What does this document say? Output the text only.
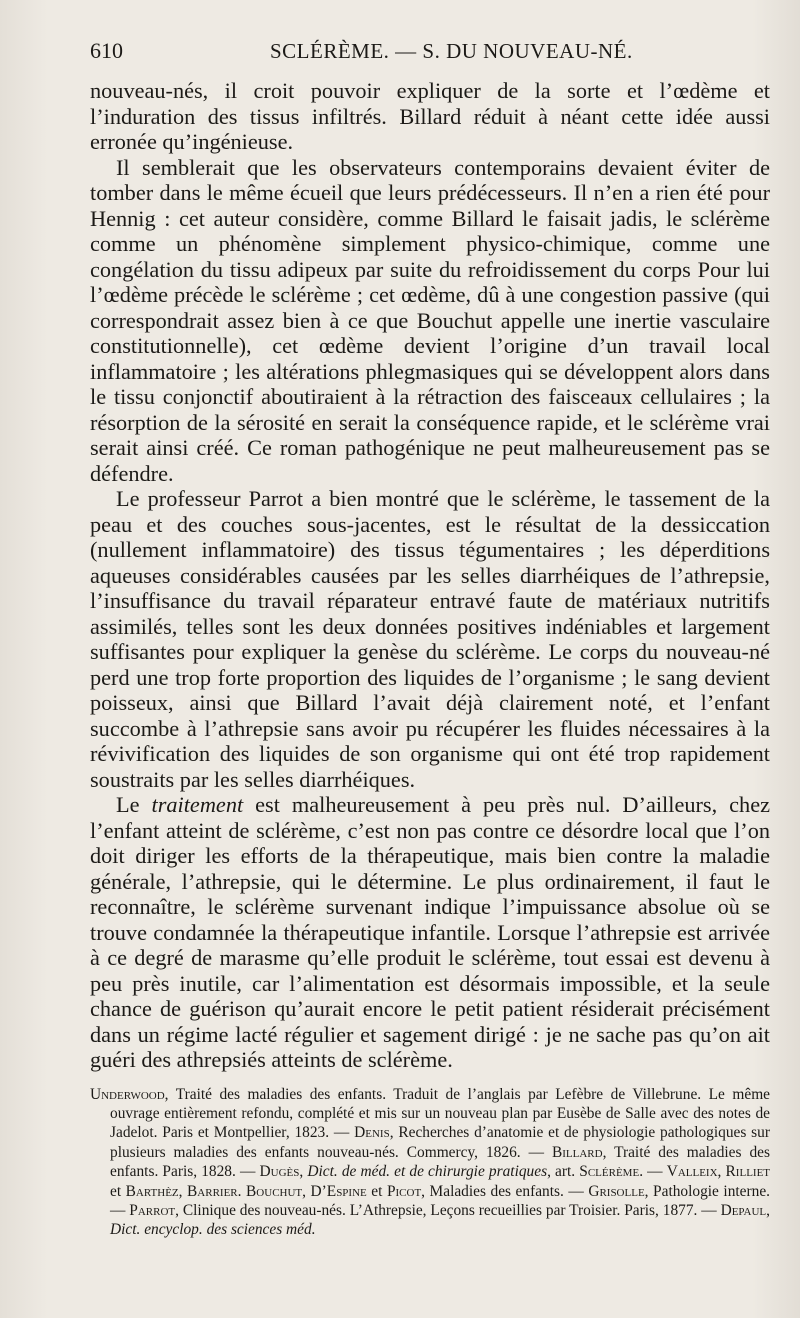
610	SCLÉRÈME. — S. DU NOUVEAU-NÉ.

nouveau-nés, il croit pouvoir expliquer de la sorte et l’œdème et l’induration des tissus infiltrés. Billard réduit à néant cette idée aussi erronée qu’ingénieuse.

Il semblerait que les observateurs contemporains devaient éviter de tomber dans le même écueil que leurs prédécesseurs. Il n’en a rien été pour Hennig : cet auteur considère, comme Billard le faisait jadis, le sclérème comme un phénomène simplement physico-chimique, comme une congélation du tissu adipeux par suite du refroidissement du corps Pour lui l’œdème précède le sclérème ; cet œdème, dû à une congestion passive (qui correspondrait assez bien à ce que Bouchut appelle une inertie vasculaire constitutionnelle), cet œdème devient l’origine d’un travail local inflammatoire ; les altérations phlegmasiques qui se développent alors dans le tissu conjonctif aboutiraient à la rétraction des faisceaux cellulaires ; la résorption de la sérosité en serait la conséquence rapide, et le sclérème vrai serait ainsi créé. Ce roman pathogénique ne peut malheureusement pas se défendre.

Le professeur Parrot a bien montré que le sclérème, le tassement de la peau et des couches sous-jacentes, est le résultat de la dessiccation (nullement inflammatoire) des tissus tégumentaires ; les déperditions aqueuses considérables causées par les selles diarrhéiques de l’athrepsie, l’insuffisance du travail réparateur entravé faute de matériaux nutritifs assimilés, telles sont les deux données positives indéniables et largement suffisantes pour expliquer la genèse du sclérème. Le corps du nouveau-né perd une trop forte proportion des liquides de l’organisme ; le sang devient poisseux, ainsi que Billard l’avait déjà clairement noté, et l’enfant succombe à l’athrepsie sans avoir pu récupérer les fluides nécessaires à la révivification des liquides de son organisme qui ont été trop rapidement soustraits par les selles diarrhéiques.

Le traitement est malheureusement à peu près nul. D’ailleurs, chez l’enfant atteint de sclérème, c’est non pas contre ce désordre local que l’on doit diriger les efforts de la thérapeutique, mais bien contre la maladie générale, l’athrepsie, qui le détermine. Le plus ordinairement, il faut le reconnaître, le sclérème survenant indique l’impuissance absolue où se trouve condamnée la thérapeutique infantile. Lorsque l’athrepsie est arrivée à ce degré de marasme qu’elle produit le sclérème, tout essai est devenu à peu près inutile, car l’alimentation est désormais impossible, et la seule chance de guérison qu’aurait encore le petit patient résiderait précisément dans un régime lacté régulier et sagement dirigé : je ne sache pas qu’on ait guéri des athrepsiés atteints de sclérème.

Underwood, Traité des maladies des enfants. Traduit de l’anglais par Lefèbre de Villebrune. Le même ouvrage entièrement refondu, complété et mis sur un nouveau plan par Eusèbe de Salle avec des notes de Jadelot. Paris et Montpellier, 1823. — Denis, Recherches d’anatomie et de physiologie pathologiques sur plusieurs maladies des enfants nouveau-nés. Commercy, 1826. — Billard, Traité des maladies des enfants. Paris, 1828. — Dugès, Dict. de méd. et de chirurgie pratiques, art. Sclérème. — Valleix, Rilliet et Barthèz, Barrier. Bouchut, D’Espine et Picot, Maladies des enfants. — Grisolle, Pathologie interne. — Parrot, Clinique des nouveau-nés. L’Athrepsie, Leçons recueillies par Troisier. Paris, 1877. — Depaul, Dict. encyclop. des sciences méd.
